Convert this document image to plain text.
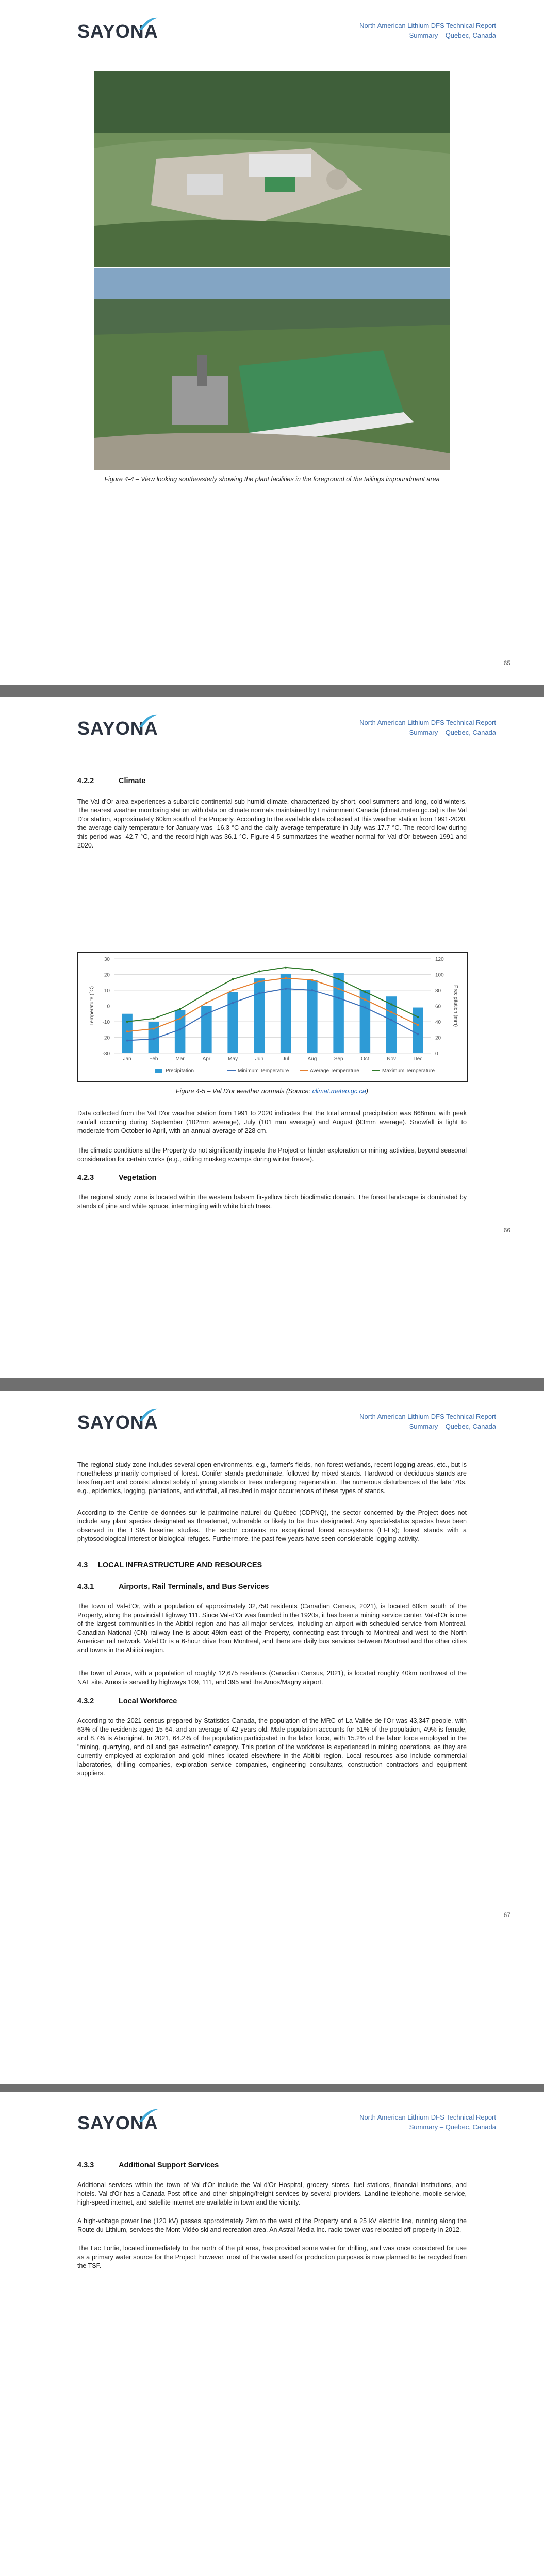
SAYONA	North American Lithium DFS Technical Report
Summary – Quebec, Canada
Figure 4-4 – View looking southeasterly showing the plant facilities in the foreground of the tailings impoundment area
65
SAYONA	North American Lithium DFS Technical Report
Summary – Quebec, Canada
4.2.2	Climate

The Val-d'Or area experiences a subarctic continental sub-humid climate, characterized by short, cool summers and long, cold winters. The nearest weather monitoring station with data on climate normals maintained by Environment Canada (climat.meteo.gc.ca) is the Val D'or station, approximately 60km south of the Property. According to the available data collected at this weather station from 1991-2020, the average daily temperature for January was -16.3 °C and the daily average temperature in July was 17.7 °C. The record low during this period was -42.7 °C, and the record high was 36.1 °C. Figure 4-5 summarizes the weather normal for Val d'Or between 1991 and 2020.

-30
-20
-10
0
10
20
30
0
20
40
60
80
100
120
Temperature (°C)	Precipitation (mm)
Jan	Feb	Mar	Apr	May	Jun	Jul	Aug	Sep	Oct	Nov	Dec
Precipitation	Minimum Temperature	Average Temperature	Maximum Temperature
Figure 4-5 – Val D'or weather normals (Source: climat.meteo.gc.ca)

Data collected from the Val D'or weather station from 1991 to 2020 indicates that the total annual precipitation was 868mm, with peak rainfall occurring during September (102mm average), July (101 mm average) and August (93mm average). Snowfall is light to moderate from October to April, with an annual average of 228 cm.

The climatic conditions at the Property do not significantly impede the Project or hinder exploration or mining activities, beyond seasonal consideration for certain works (e.g., drilling muskeg swamps during winter freeze).

4.2.3	Vegetation

The regional study zone is located within the western balsam fir-yellow birch bioclimatic domain. The forest landscape is dominated by stands of pine and white spruce, intermingling with white birch trees.

66
SAYONA	North American Lithium DFS Technical Report
Summary – Quebec, Canada

The regional study zone includes several open environments, e.g., farmer's fields, non-forest wetlands, recent logging areas, etc., but is nonetheless primarily comprised of forest. Conifer stands predominate, followed by mixed stands. Hardwood or deciduous stands are less frequent and consist almost solely of young stands or trees undergoing regeneration. The numerous disturbances of the late '70s, e.g., epidemics, logging, plantations, and windfall, all resulted in major occurrences of these types of stands.

According to the Centre de données sur le patrimoine naturel du Québec (CDPNQ), the sector concerned by the Project does not include any plant species designated as threatened, vulnerable or likely to be thus designated. Any special-status species have been observed in the ESIA baseline studies. The sector contains no exceptional forest ecosystems (EFEs); forest stands with a phytosociological interest or biological refuges. Furthermore, the past few years have seen considerable logging activity.

4.3 LOCAL INFRASTRUCTURE AND RESOURCES
4.3.1	Airports, Rail Terminals, and Bus Services

The town of Val-d'Or, with a population of approximately 32,750 residents (Canadian Census, 2021), is located 60km south of the Property, along the provincial Highway 111. Since Val-d'Or was founded in the 1920s, it has been a mining service center. Val-d'Or is one of the largest communities in the Abitibi region and has all major services, including an airport with scheduled service from Montreal. Canadian National (CN) railway line is about 49km east of the Property, connecting east through to Montreal and west to the North American rail network. Val-d'Or is a 6-hour drive from Montreal, and there are daily bus services between Montreal and the other cities and towns in the Abitibi region.

The town of Amos, with a population of roughly 12,675 residents (Canadian Census, 2021), is located roughly 40km northwest of the NAL site. Amos is served by highways 109, 111, and 395 and the Amos/Magny airport.

4.3.2	Local Workforce

According to the 2021 census prepared by Statistics Canada, the population of the MRC of La Vallée-de-l'Or was 43,347 people, with 63% of the residents aged 15-64, and an average of 42 years old. Male population accounts for 51% of the population, 49% is female, and 8.7% is Aboriginal. In 2021, 64.2% of the population participated in the labor force, with 15.2% of the labor force employed in the "mining, quarrying, and oil and gas extraction" category. This portion of the workforce is experienced in mining operations, as they are currently employed at exploration and gold mines located elsewhere in the Abitibi region. Local resources also include commercial laboratories, drilling companies, exploration service companies, engineering consultants, construction contractors and equipment suppliers.

67
SAYONA	North American Lithium DFS Technical Report
Summary – Quebec, Canada
4.3.3	Additional Support Services

Additional services within the town of Val-d'Or include the Val-d'Or Hospital, grocery stores, fuel stations, financial institutions, and hotels. Val-d'Or has a Canada Post office and other shipping/freight services by several providers. Landline telephone, mobile service, high-speed internet, and satellite internet are available in town and the vicinity.

A high-voltage power line (120 kV) passes approximately 2km to the west of the Property and a 25 kV electric line, running along the Route du Lithium, services the Mont-Vidéo ski and recreation area. An Astral Media Inc. radio tower was relocated off-property in 2012.

The Lac Lortie, located immediately to the north of the pit area, has provided some water for drilling, and was once considered for use as a primary water source for the Project; however, most of the water used for production purposes is now planned to be recycled from the TSF.
